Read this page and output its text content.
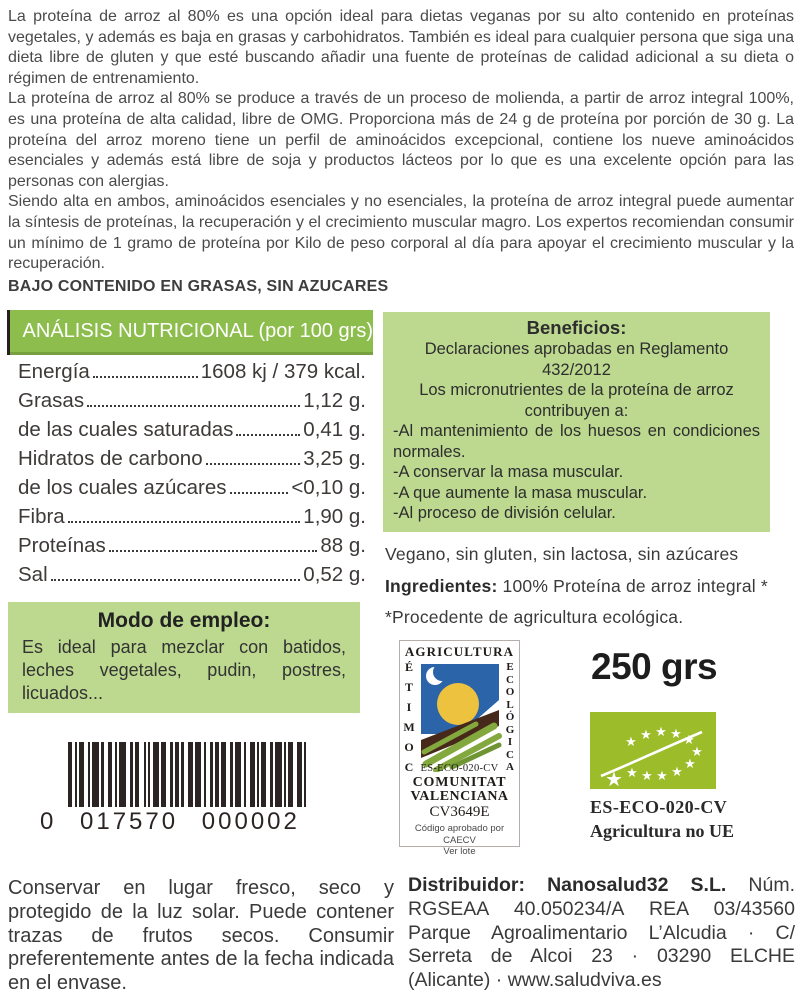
La proteína de arroz al 80% es una opción ideal para dietas veganas por su alto contenido en proteínas vegetales, y además es baja en grasas y carbohidratos. También es ideal para cualquier persona que siga una dieta libre de gluten y que esté buscando añadir una fuente de proteínas de calidad adicional a su dieta o régimen de entrenamiento.

La proteína de arroz al 80% se produce a través de un proceso de molienda, a partir de arroz integral 100%, es una proteína de alta calidad, libre de OMG. Proporciona más de 24 g de proteína por porción de 30 g. La proteína del arroz moreno tiene un perfil de aminoácidos excepcional, contiene los nueve aminoácidos esenciales y además está libre de soja y productos lácteos por lo que es una excelente opción para las personas con alergias.

Siendo alta en ambos, aminoácidos esenciales y no esenciales, la proteína de arroz integral puede aumentar la síntesis de proteínas, la recuperación y el crecimiento muscular magro. Los expertos recomiendan consumir un mínimo de 1 gramo de proteína por Kilo de peso corporal al día para apoyar el crecimiento muscular y la recuperación.

BAJO CONTENIDO EN GRASAS, SIN AZUCARES

ANÁLISIS NUTRICIONAL (por 100 grs)
Energía	1608 kj / 379 kcal.
Grasas	1,12 g.
de las cuales saturadas	0,41 g.
Hidratos de carbono	3,25 g.
de los cuales azúcares	<0,10 g.
Fibra	1,90 g.
Proteínas	88 g.
Sal	0,52 g.
Beneficios:
Declaraciones aprobadas en Reglamento 432/2012
Los micronutrientes de la proteína de arroz contribuyen a:
-Al mantenimiento de los huesos en condiciones normales.
-A conservar la masa muscular.
-A que aumente la masa muscular.
-Al proceso de división celular.
Vegano, sin gluten, sin lactosa, sin azúcares
Ingredientes: 100% Proteína de arroz integral *
*Procedente de agricultura ecológica.
Modo de empleo:
Es ideal para mezclar con batidos, leches vegetales, pudin, postres, licuados...
0 017570 000002
AGRICULTURA
É
T
I
M
O
C
E
C
O
L
Ó
G
I
C
A
ES-ECO-020-CV
COMUNITAT
VALENCIANA
CV3649E
Código aprobado por CAECV
Ver lote
250 grs
★ ★ ★ ★ ★
★
★
★
★
★
★
★
ES-ECO-020-CV
Agricultura no UE
Conservar en lugar fresco, seco y protegido de la luz solar. Puede contener trazas de frutos secos. Consumir preferentemente antes de la fecha indicada en el envase.
Distribuidor: Nanosalud32 S.L. Núm. RGSEAA 40.050234/A REA 03/43560 Parque Agroalimentario L’Alcudia · C/ Serreta de Alcoi 23 · 03290 ELCHE (Alicante) · www.saludviva.es
